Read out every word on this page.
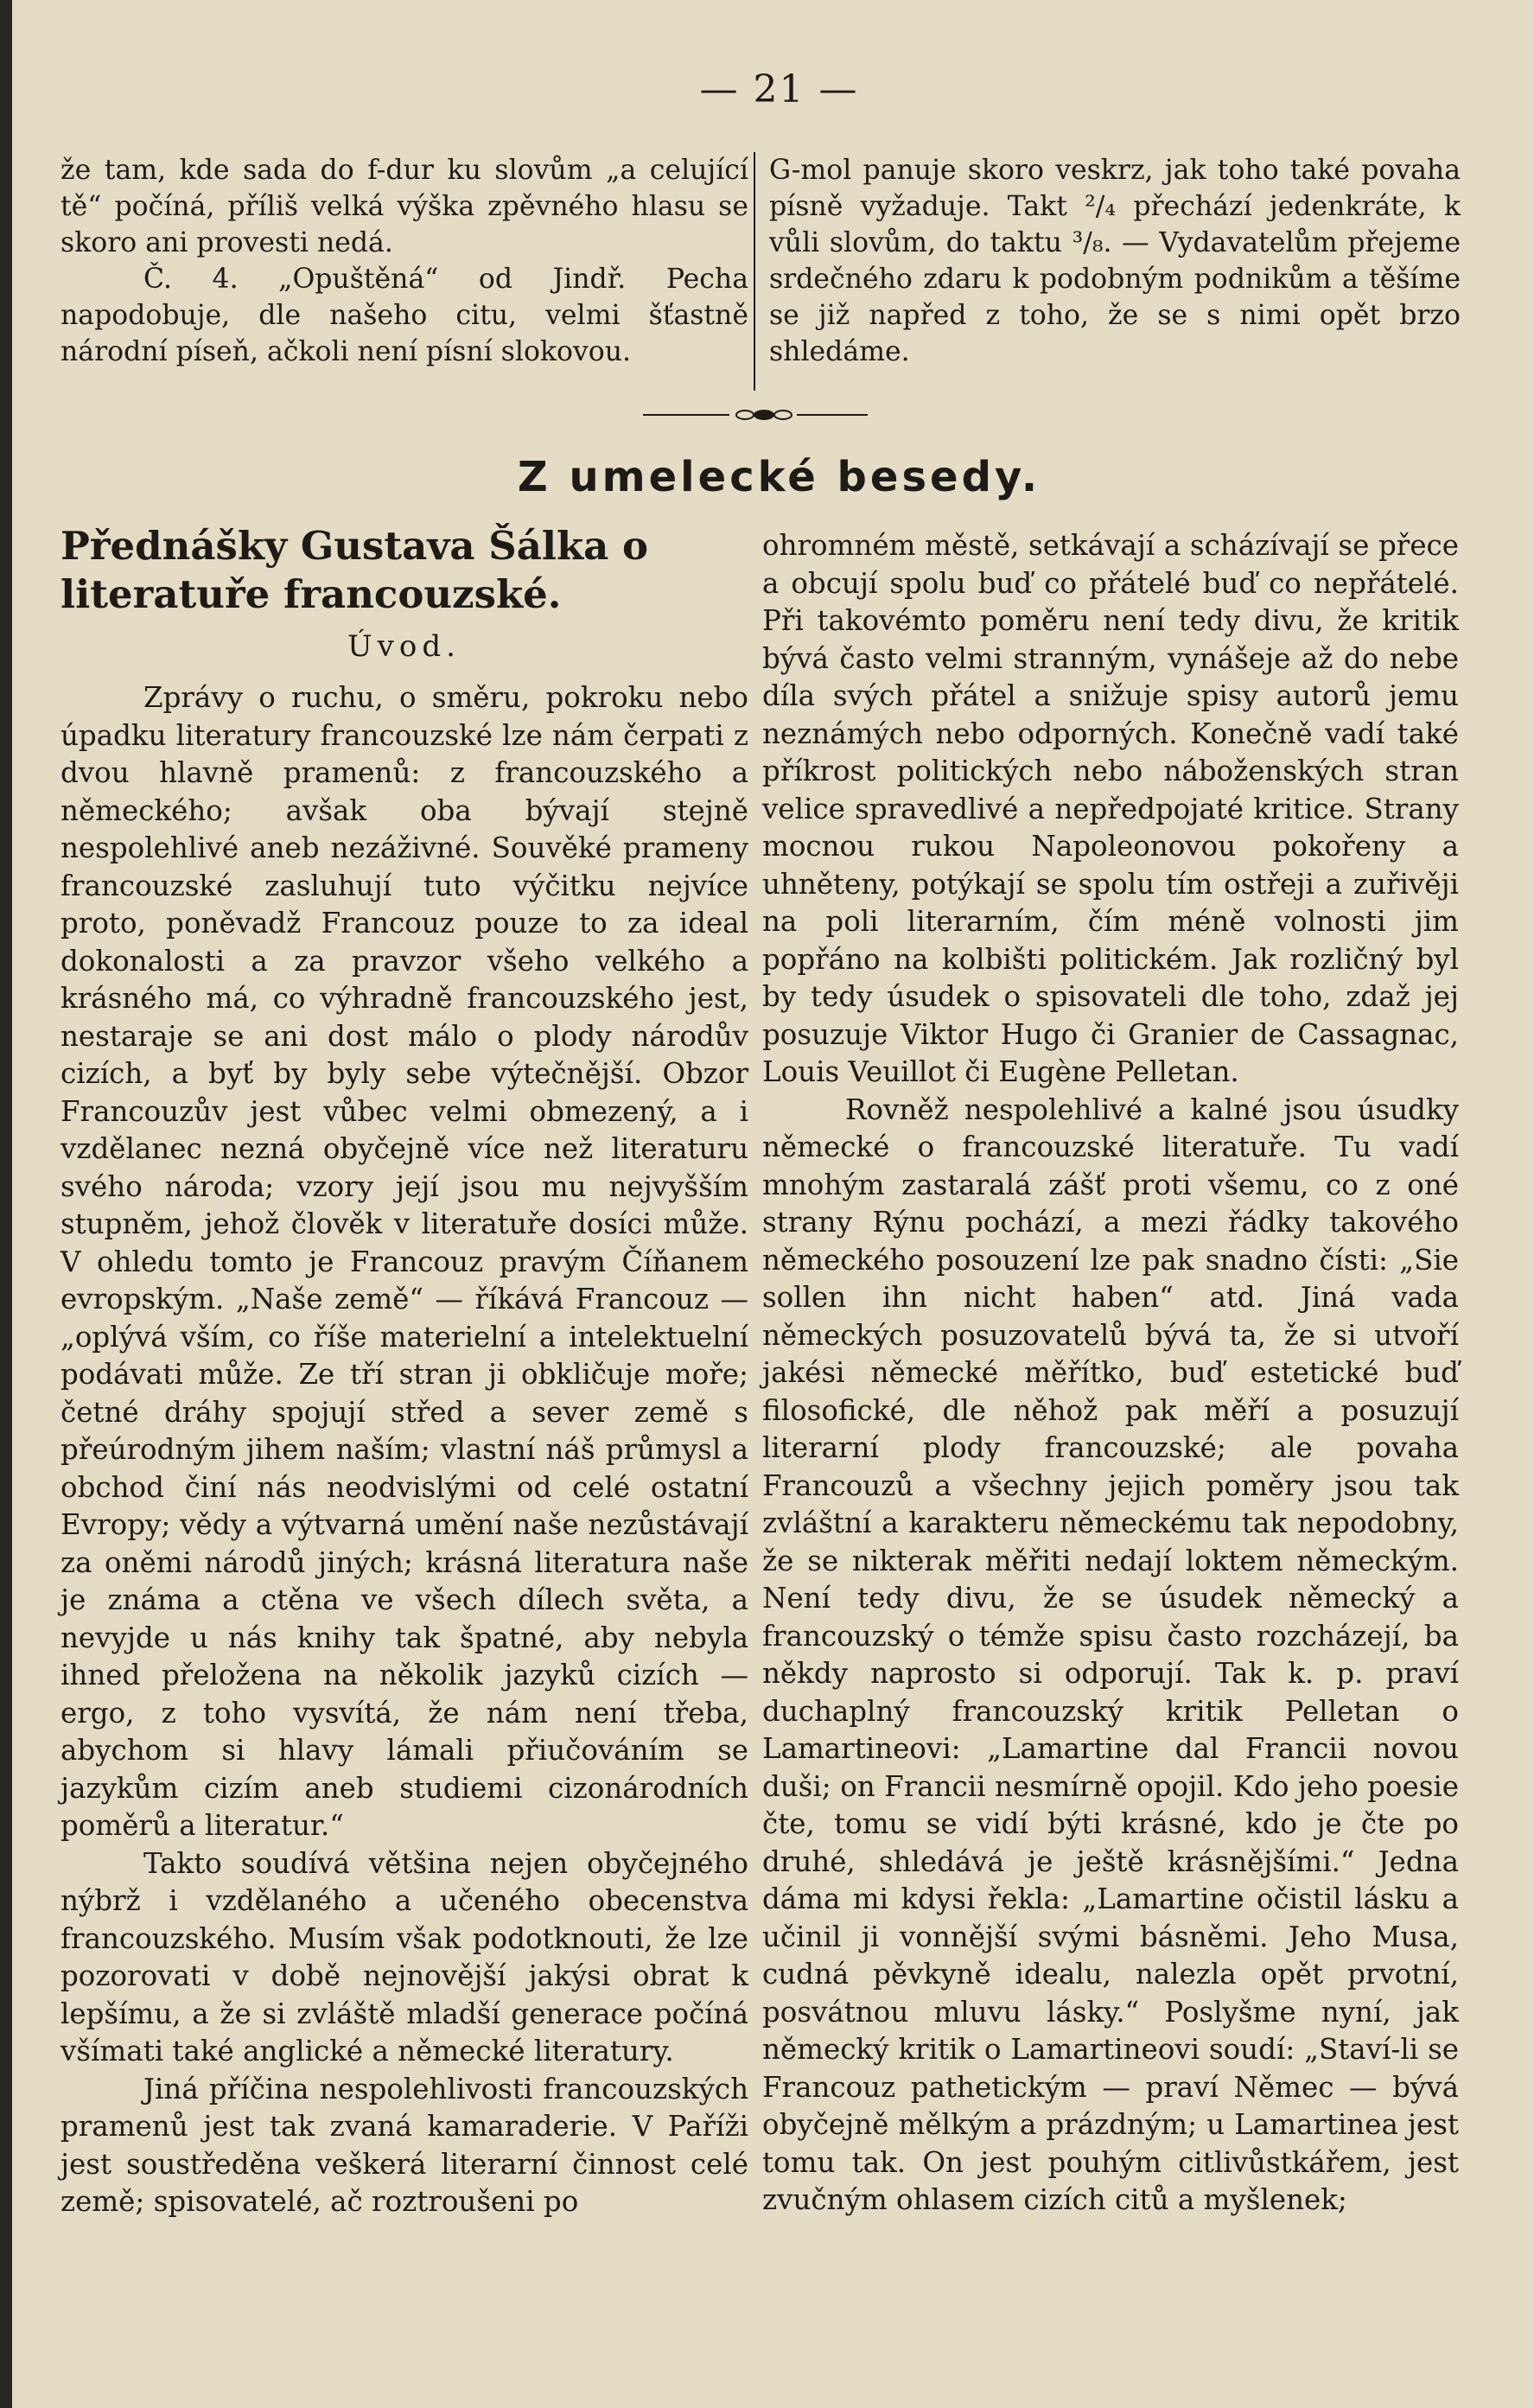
— 21 —

že tam, kde sada do f-dur ku slovům „a celující tě“ počíná, příliš velká výška zpěvného hlasu se skoro ani provesti nedá.

Č. 4. „Opuštěná“ od Jindř. Pecha napodobuje, dle našeho citu, velmi šťastně národní píseň, ačkoli není písní slokovou.

G-mol panuje skoro veskrz, jak toho také povaha písně vyžaduje. Takt ²/₄ přechází jedenkráte, k vůli slovům, do taktu ³/₈. — Vydavatelům přejeme srdečného zdaru k podobným podnikům a těšíme se již napřed z toho, že se s nimi opět brzo shledáme.

Z umelecké besedy.
Přednášky Gustava Šálka o literatuře francouzské.
Úvod.

Zprávy o ruchu, o směru, pokroku nebo úpadku literatury francouzské lze nám čerpati z dvou hlavně pramenů: z francouzského a německého; avšak oba bývají stejně nespolehlivé aneb nezáživné. Souvěké prameny francouzské zasluhují tuto výčitku nejvíce proto, poněvadž Francouz pouze to za ideal dokonalosti a za pravzor všeho velkého a krásného má, co výhradně francouzského jest, nestaraje se ani dost málo o plody národův cizích, a byť by byly sebe výtečnější. Obzor Francouzův jest vůbec velmi obmezený, a i vzdělanec nezná obyčejně více než literaturu svého národa; vzory její jsou mu nejvyšším stupněm, jehož člověk v literatuře dosíci může. V ohledu tomto je Francouz pravým Číňanem evropským. „Naše země“ — říkává Francouz — „oplývá vším, co říše materielní a intelektuelní podávati může. Ze tří stran ji obkličuje moře; četné dráhy spojují střed a sever země s přeúrodným jihem naším; vlastní náš průmysl a obchod činí nás neodvislými od celé ostatní Evropy; vědy a výtvarná umění naše nezůstávají za oněmi národů jiných; krásná literatura naše je známa a ctěna ve všech dílech světa, a nevyjde u nás knihy tak špatné, aby nebyla ihned přeložena na několik jazyků cizích — ergo, z toho vysvítá, že nám není třeba, abychom si hlavy lámali přiučováním se jazykům cizím aneb studiemi cizonárodních poměrů a literatur.“

Takto soudívá většina nejen obyčejného nýbrž i vzdělaného a učeného obecenstva francouzského. Musím však podotknouti, že lze pozorovati v době nejnovější jakýsi obrat k lepšímu, a že si zvláště mladší generace počíná všímati také anglické a německé literatury.

Jiná příčina nespolehlivosti francouzských pramenů jest tak zvaná kamaraderie. V Paříži jest soustředěna veškerá literarní činnost celé země; spisovatelé, ač roztroušeni po

ohromném městě, setkávají a scházívají se přece a obcují spolu buď co přátelé buď co nepřátelé. Při takovémto poměru není tedy divu, že kritik bývá často velmi stranným, vynášeje až do nebe díla svých přátel a snižuje spisy autorů jemu neznámých nebo odporných. Konečně vadí také příkrost politických nebo náboženských stran velice spravedlivé a nepředpojaté kritice. Strany mocnou rukou Napoleonovou pokořeny a uhněteny, potýkají se spolu tím ostřeji a zuřivěji na poli literarním, čím méně volnosti jim popřáno na kolbišti politickém. Jak rozličný byl by tedy úsudek o spisovateli dle toho, zdaž jej posuzuje Viktor Hugo či Granier de Cassagnac, Louis Veuillot či Eugène Pelletan.

Rovněž nespolehlivé a kalné jsou úsudky německé o francouzské literatuře. Tu vadí mnohým zastaralá zášť proti všemu, co z oné strany Rýnu pochází, a mezi řádky takového německého posouzení lze pak snadno čísti: „Sie sollen ihn nicht haben“ atd. Jiná vada německých posuzovatelů bývá ta, že si utvoří jakési německé měřítko, buď estetické buď filosofické, dle něhož pak měří a posuzují literarní plody francouzské; ale povaha Francouzů a všechny jejich poměry jsou tak zvláštní a karakteru německému tak nepodobny, že se nikterak měřiti nedají loktem německým. Není tedy divu, že se úsudek německý a francouzský o témže spisu často rozcházejí, ba někdy naprosto si odporují. Tak k. p. praví duchaplný francouzský kritik Pelletan o Lamartineovi: „Lamartine dal Francii novou duši; on Francii nesmírně opojil. Kdo jeho poesie čte, tomu se vidí býti krásné, kdo je čte po druhé, shledává je ještě krásnějšími.“ Jedna dáma mi kdysi řekla: „Lamartine očistil lásku a učinil ji vonnější svými básněmi. Jeho Musa, cudná pěvkyně idealu, nalezla opět prvotní, posvátnou mluvu lásky.“ Poslyšme nyní, jak německý kritik o Lamartineovi soudí: „Staví-li se Francouz pathetickým — praví Němec — bývá obyčejně mělkým a prázdným; u Lamartinea jest tomu tak. On jest pouhým citlivůstkářem, jest zvučným ohlasem cizích citů a myšlenek;
